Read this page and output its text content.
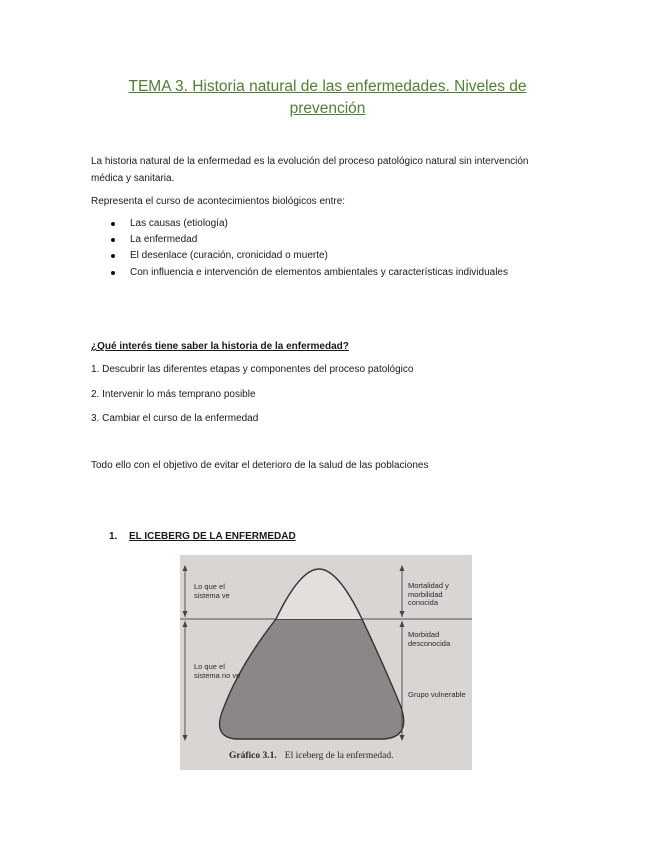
TEMA 3. Historia natural de las enfermedades. Niveles de prevención

La historia natural de la enfermedad es la evolución del proceso patológico natural sin intervención médica y sanitaria.

Representa el curso de acontecimientos biológicos entre:

Las causas (etiología)
La enfermedad
El desenlace (curación, cronicidad o muerte)
Con influencia e intervención de elementos ambientales y características individuales

¿Qué interés tiene saber la historia de la enfermedad?

1. Descubrir las diferentes etapas y componentes del proceso patológico

2. Intervenir lo más temprano posible

3. Cambiar el curso de la enfermedad

Todo ello con el objetivo de evitar el deterioro de la salud de las poblaciones

1. EL ICEBERG DE LA ENFERMEDAD
Lo que el sistema ve
Lo que el sistema no ve
Mortalidad y morbilidad conocida
Morbidad desconocida
Grupo vulnerable
Gráfico 3.1. El iceberg de la enfermedad.
